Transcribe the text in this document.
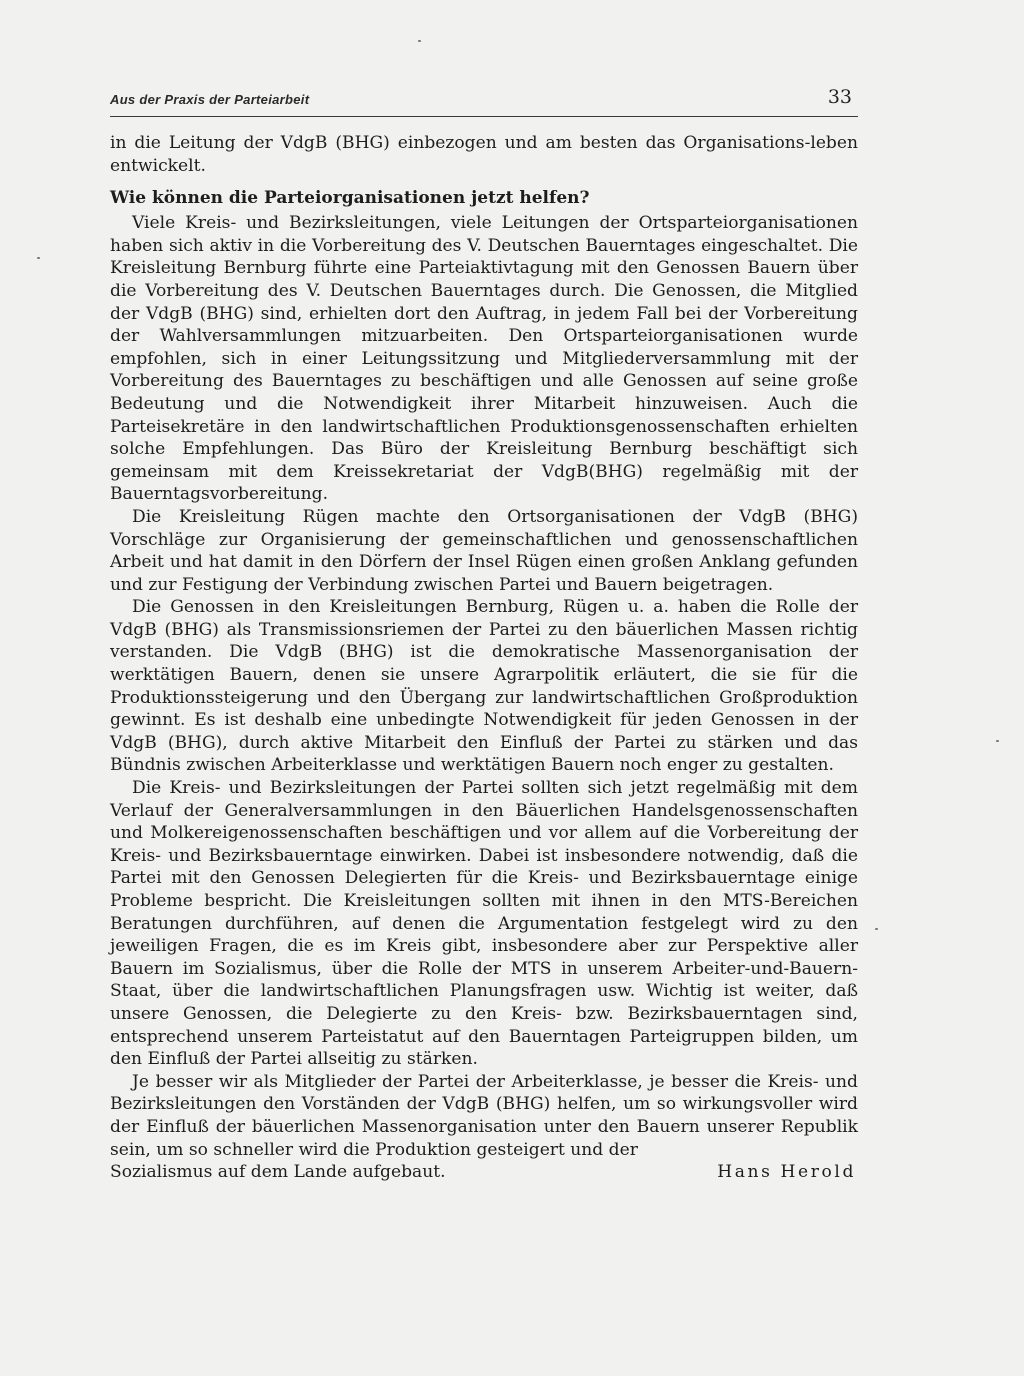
Aus der Praxis der Parteiarbeit	33

in die Leitung der VdgB (BHG) einbezogen und am besten das Organisations-leben entwickelt.

Wie können die Parteiorganisationen jetzt helfen?

Viele Kreis- und Bezirksleitungen, viele Leitungen der Ortsparteiorganisationen haben sich aktiv in die Vorbereitung des V. Deutschen Bauerntages eingeschaltet. Die Kreisleitung Bernburg führte eine Parteiaktivtagung mit den Genossen Bauern über die Vorbereitung des V. Deutschen Bauerntages durch. Die Genossen, die Mitglied der VdgB (BHG) sind, erhielten dort den Auftrag, in jedem Fall bei der Vorbereitung der Wahlversammlungen mitzuarbeiten. Den Ortsparteiorganisationen wurde empfohlen, sich in einer Leitungssitzung und Mitgliederversammlung mit der Vorbereitung des Bauerntages zu beschäftigen und alle Genossen auf seine große Bedeutung und die Notwendigkeit ihrer Mitarbeit hinzuweisen. Auch die Parteisekretäre in den landwirtschaftlichen Produktionsgenossenschaften erhielten solche Empfehlungen. Das Büro der Kreisleitung Bernburg beschäftigt sich gemeinsam mit dem Kreissekretariat der VdgB(BHG) regelmäßig mit der Bauerntagsvorbereitung.

Die Kreisleitung Rügen machte den Ortsorganisationen der VdgB (BHG) Vorschläge zur Organisierung der gemeinschaftlichen und genossenschaftlichen Arbeit und hat damit in den Dörfern der Insel Rügen einen großen Anklang gefunden und zur Festigung der Verbindung zwischen Partei und Bauern beigetragen.

Die Genossen in den Kreisleitungen Bernburg, Rügen u. a. haben die Rolle der VdgB (BHG) als Transmissionsriemen der Partei zu den bäuerlichen Massen richtig verstanden. Die VdgB (BHG) ist die demokratische Massenorganisation der werktätigen Bauern, denen sie unsere Agrarpolitik erläutert, die sie für die Produktionssteigerung und den Übergang zur landwirtschaftlichen Großproduktion gewinnt. Es ist deshalb eine unbedingte Notwendigkeit für jeden Genossen in der VdgB (BHG), durch aktive Mitarbeit den Einfluß der Partei zu stärken und das Bündnis zwischen Arbeiterklasse und werktätigen Bauern noch enger zu gestalten.

Die Kreis- und Bezirksleitungen der Partei sollten sich jetzt regelmäßig mit dem Verlauf der Generalversammlungen in den Bäuerlichen Handelsgenossenschaften und Molkereigenossenschaften beschäftigen und vor allem auf die Vorbereitung der Kreis- und Bezirksbauerntage einwirken. Dabei ist insbesondere notwendig, daß die Partei mit den Genossen Delegierten für die Kreis- und Bezirksbauerntage einige Probleme bespricht. Die Kreisleitungen sollten mit ihnen in den MTS-Bereichen Beratungen durchführen, auf denen die Argumentation festgelegt wird zu den jeweiligen Fragen, die es im Kreis gibt, insbesondere aber zur Perspektive aller Bauern im Sozialismus, über die Rolle der MTS in unserem Arbeiter-und-Bauern-Staat, über die landwirtschaftlichen Planungsfragen usw. Wichtig ist weiter, daß unsere Genossen, die Delegierte zu den Kreis- bzw. Bezirksbauerntagen sind, entsprechend unserem Parteistatut auf den Bauerntagen Parteigruppen bilden, um den Einfluß der Partei allseitig zu stärken.

Je besser wir als Mitglieder der Partei der Arbeiterklasse, je besser die Kreis- und Bezirksleitungen den Vorständen der VdgB (BHG) helfen, um so wirkungsvoller wird der Einfluß der bäuerlichen Massenorganisation unter den Bauern unserer Republik sein, um so schneller wird die Produktion gesteigert und der

Sozialismus auf dem Lande aufgebaut.	Hans Herold
